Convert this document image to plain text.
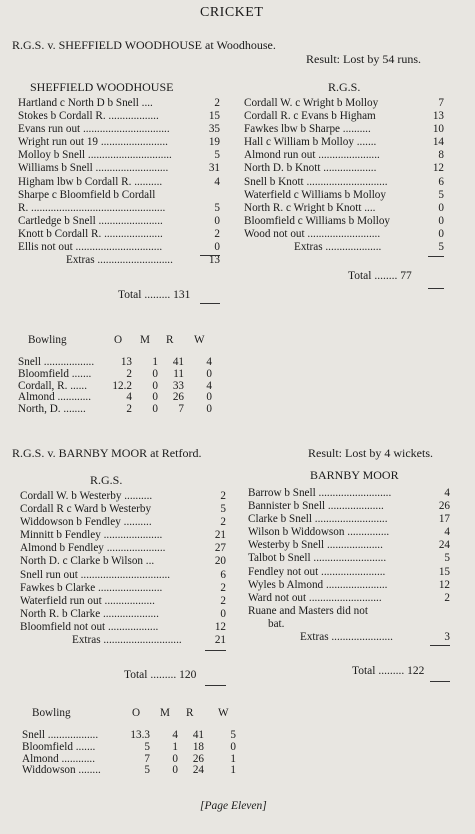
CRICKET
R.G.S. v. SHEFFIELD WOODHOUSE at Woodhouse.
Result: Lost by 54 runs.
SHEFFIELD WOODHOUSE	R.G.S.
Hartland c North D b Snell ....	2
Stokes b Cordall R. ..................	15
Evans run out ...............................	35
Wright run out 19 ........................	19
Molloy b Snell ..............................	5
Williams b Snell ..........................	31
Higham lbw b Cordall R. ..........	4
Sharpe c Bloomfield b Cordall
R. ................................................	5
Cartledge b Snell .......................	0
Knott b Cordall R. .....................	2
Ellis not out ...............................	0
Extras ...........................	13
Total ......... 131
Cordall W. c Wright b Molloy	7
Cordall R. c Evans b Higham	13
Fawkes lbw b Sharpe ..........	10
Hall c William b Molloy .......	14
Almond run out ......................	8
North D. b Knott ...................	12
Snell b Knott .............................	6
Waterfield c Williams b Molloy	5
North R. c Wright b Knott ....	0
Bloomfield c Williams b Molloy	0
Wood not out ..........................	0
Extras ....................	5
Total ........ 77
Bowling	O M R W
Snell ..................	13	1	41	4
Bloomfield .......	2	0	11	0
Cordall, R. ...... 12.2	0	33	4
Almond ............	4	0	26	0
North, D. ........	2	0	7	0
R.G.S. v. BARNBY MOOR at Retford.	Result: Lost by 4 wickets.
R.G.S.	BARNBY MOOR
Cordall W. b Westerby ..........	2
Cordall R c Ward b Westerby	5
Widdowson b Fendley ..........	2
Minnitt b Fendley .....................	21
Almond b Fendley .....................	27
North D. c Clarke b Wilson ...	20
Snell run out ................................	6
Fawkes b Clarke .......................	2
Waterfield run out ..................	2
North R. b Clarke ....................	0
Bloomfield not out ..................	12
Extras ............................	21
Total ......... 120
Barrow b Snell ..........................	4
Bannister b Snell ....................	26
Clarke b Snell ..........................	17
Wilson b Widdowson ...............	4
Westerby b Snell ....................	24
Talbot b Snell ..........................	5
Fendley not out .......................	15
Wyles b Almond ......................	12
Ward not out ..........................	2
Ruane and Masters did not
bat.
Extras ......................	3
Total ......... 122
Bowling	O M R W
Snell ..................	13.3	4	41	5
Bloomfield .......	5	1	18	0
Almond ............	7	0	26	1
Widdowson ........	5	0	24	1
[Page Eleven]
